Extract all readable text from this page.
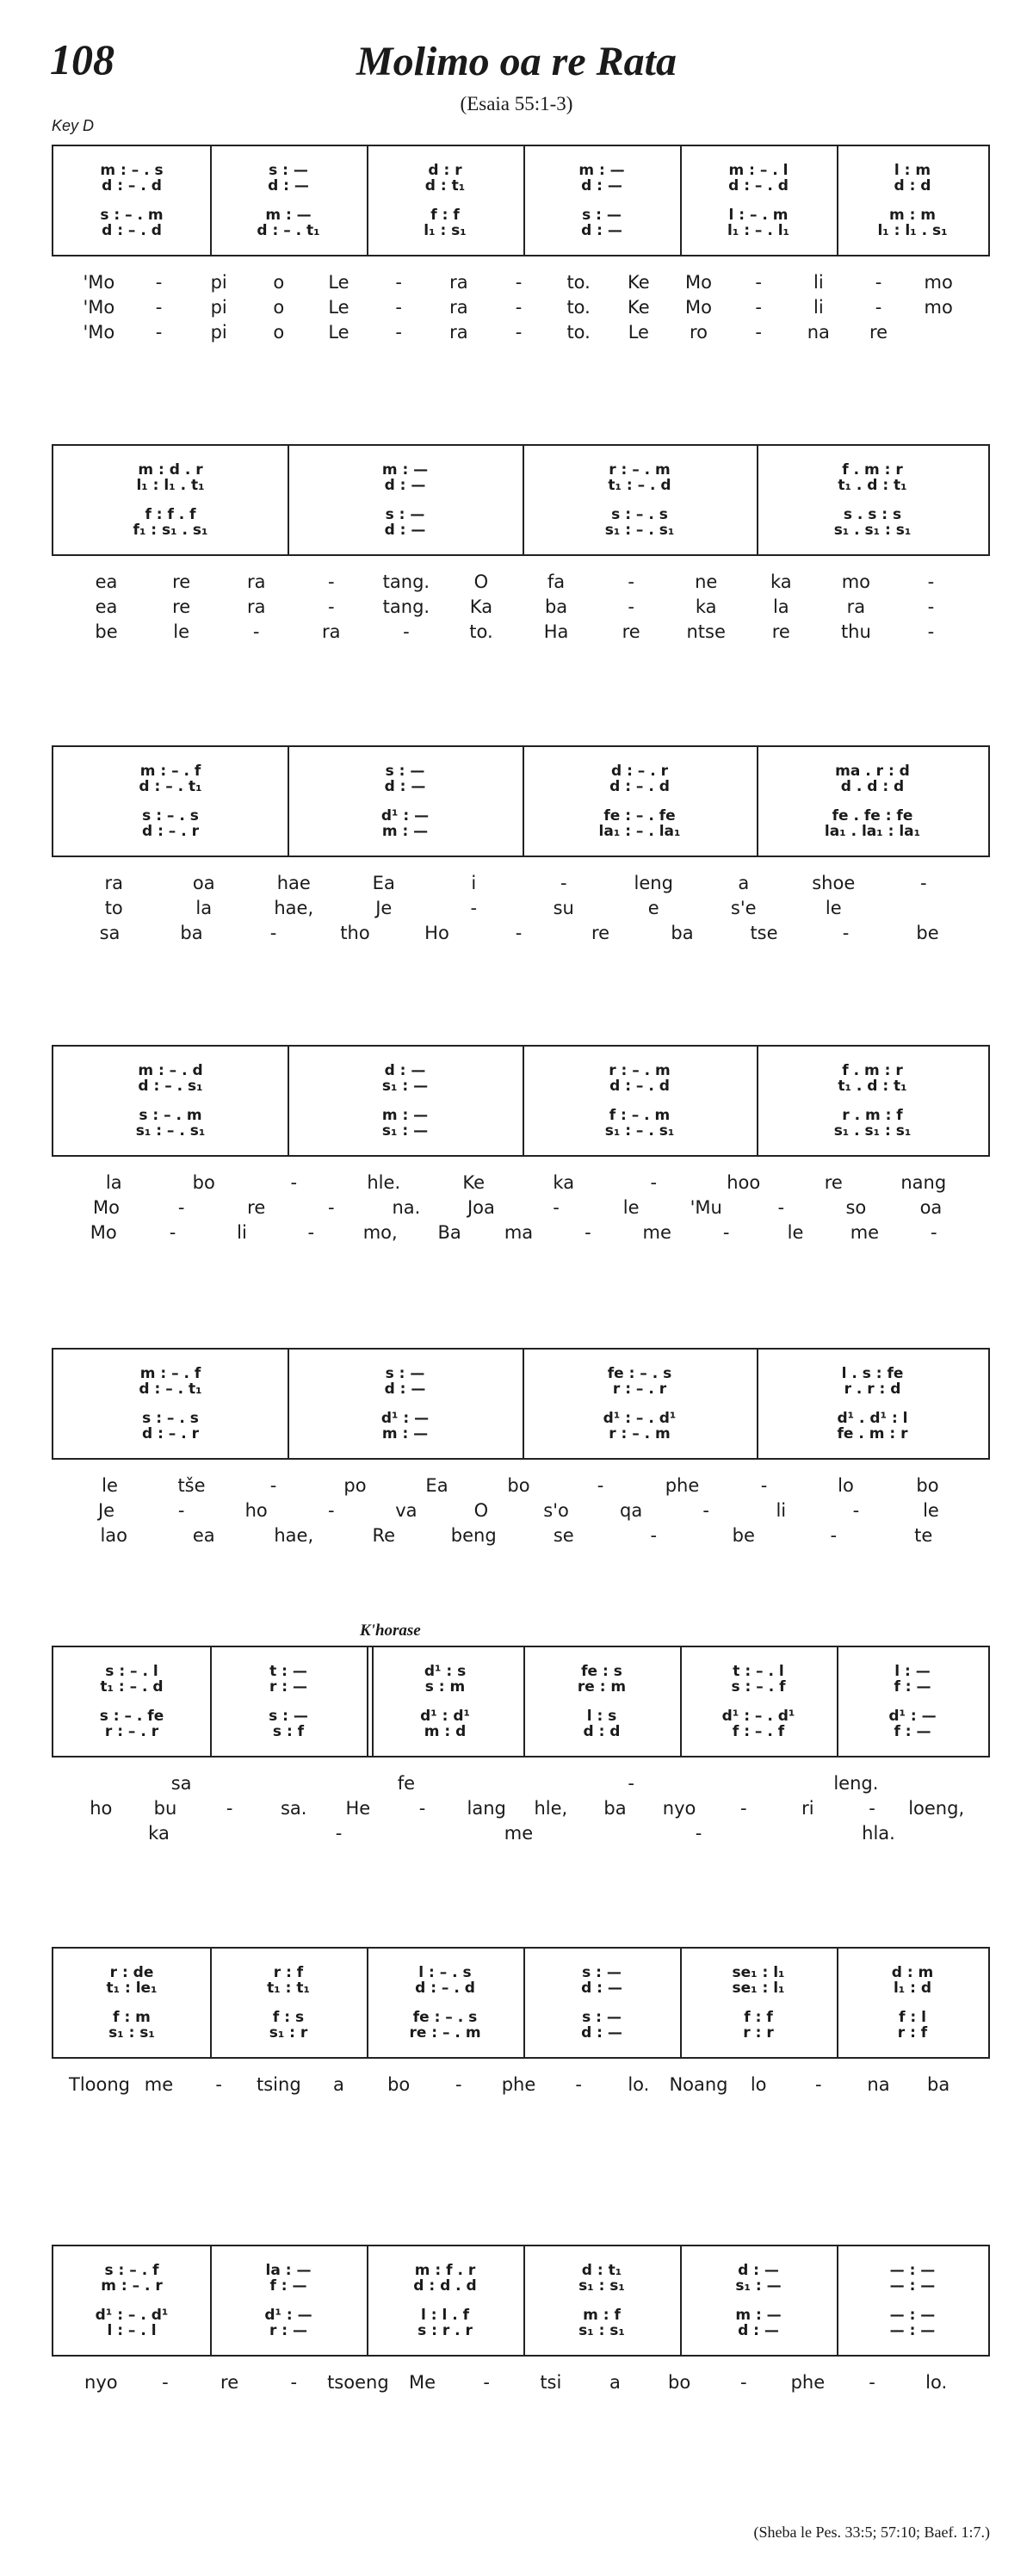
108	Molimo oa re Rata
(Esaia 55:1-3)
Key D
K'horase
(Sheba le Pes. 33:5; 57:10; Baef. 1:7.)
m : – . s	s : —	d : r	m : —	m : – . l	l : m
d : – . d	d : —	d : t₁	d : —	d : – . d	d : d
s : – . m	m : —	f : f	s : —	l : – . m	m : m
d : – . d	d : – . t₁	l₁ : s₁	d : —	l₁ : – . l₁	l₁ : l₁ . s₁
'Mo	-	pi	o	Le	-	ra	-	to.	Ke	Mo	-	li	-	mo
'Mo	-	pi	o	Le	-	ra	-	to.	Ke	Mo	-	li	-	mo
'Mo	-	pi	o	Le	-	ra	-	to.	Le	ro	-	na	re
m : d . r	m : —	r : – . m	f . m : r
l₁ : l₁ . t₁	d : —	t₁ : – . d	t₁ . d : t₁
f : f . f	s : —	s : – . s	s . s : s
f₁ : s₁ . s₁	d : —	s₁ : – . s₁	s₁ . s₁ : s₁
ea	re	ra	-	tang.	O	fa	-	ne	ka	mo	-
ea	re	ra	-	tang.	Ka	ba	-	ka	la	ra	-
be	le	-	ra	-	to.	Ha	re	ntse	re	thu	-
m : – . f	s : —	d : – . r	ma . r : d
d : – . t₁	d : —	d : – . d	d . d : d
s : – . s	d¹ : —	fe : – . fe	fe . fe : fe
d : – . r	m : —	la₁ : – . la₁	la₁ . la₁ : la₁
ra	oa	hae	Ea	i	-	leng	a	shoe	-
to	la	hae,	Je	-	su	e	s'e	le
sa	ba	-	tho	Ho	-	re	ba	tse	-	be
m : – . d	d : —	r : – . m	f . m : r
d : – . s₁	s₁ : —	d : – . d	t₁ . d : t₁
s : – . m	m : —	f : – . m	r . m : f
s₁ : – . s₁	s₁ : —	s₁ : – . s₁	s₁ . s₁ : s₁
la	bo	-	hle.	Ke	ka	-	hoo	re	nang
Mo	-	re	-	na.	Joa	-	le	'Mu	-	so	oa
Mo	-	li	-	mo,	Ba	ma	-	me	-	le	me	-
m : – . f	s : —	fe : – . s	l . s : fe
d : – . t₁	d : —	r : – . r	r . r : d
s : – . s	d¹ : —	d¹ : – . d¹	d¹ . d¹ : l
d : – . r	m : —	r : – . m	fe . m : r
le	tše	-	po	Ea	bo	-	phe	-	lo	bo
Je	-	ho	-	va	O	s'o	qa	-	li	-	le
lao	ea	hae,	Re	beng	se	-	be	-	te
s : – . l	t : —	d¹ : s	fe : s	t : – . l	l : —
t₁ : – . d	r : —	s : m	re : m	s : – . f	f : —
s : – . fe	s : —	d¹ : d¹	l : s	d¹ : – . d¹	d¹ : —
r : – . r	s : f	m : d	d : d	f : – . f	f : —
sa	fe	-	leng.
ho	bu	-	sa.	He	-	lang	hle,	ba	nyo	-	ri	-	loeng,
ka	-	me	-	hla.
r : de	r : f	l : – . s	s : —	se₁ : l₁	d : m
t₁ : le₁	t₁ : t₁	d : – . d	d : —	se₁ : l₁	l₁ : d
f : m	f : s	fe : – . s	s : —	f : f	f : l
s₁ : s₁	s₁ : r	re : – . m	d : —	r : r	r : f
Tloong me	-	tsing	a	bo	-	phe	-	lo.	Noang	lo	-	na	ba
s : – . f	la : —	m : f . r	d : t₁	d : —	— : —
m : – . r	f : —	d : d . d	s₁ : s₁	s₁ : —	— : —
d¹ : – . d¹	d¹ : —	l : l . f	m : f	m : —	— : —
l : – . l	r : —	s : r . r	s₁ : s₁	d : —	— : —
nyo	-	re	-	tsoeng	Me	-	tsi	a	bo	-	phe	-	lo.
